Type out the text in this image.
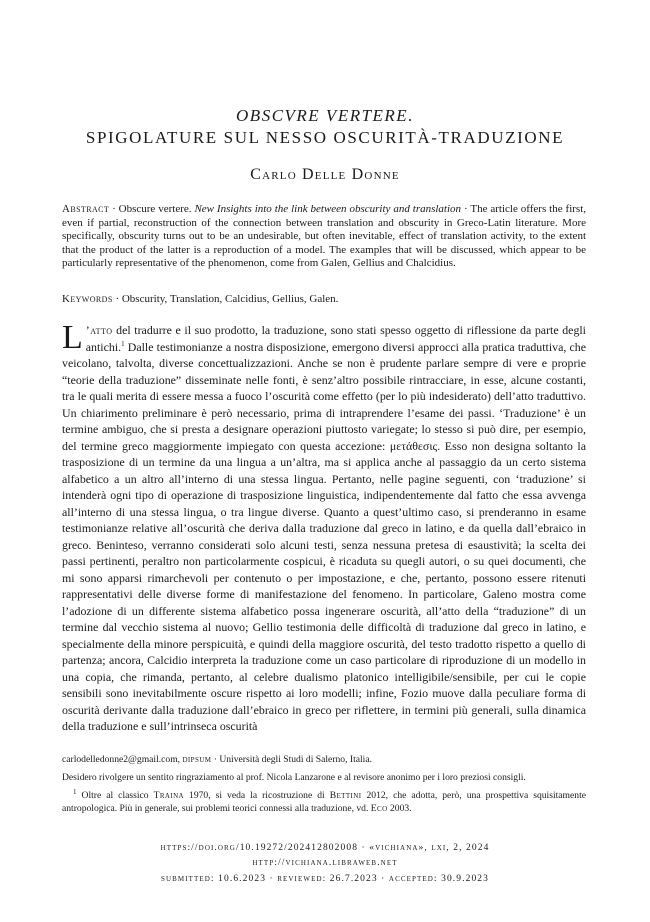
OBSCVRE VERTERE.
SPIGOLATURE SUL NESSO OSCURITÀ-TRADUZIONE
Carlo Delle Donne
Abstract · Obscure vertere. New Insights into the link between obscurity and translation · The article offers the first, even if partial, reconstruction of the connection between translation and obscurity in Greco-Latin literature. More specifically, obscurity turns out to be an undesirable, but often inevitable, effect of translation activity, to the extent that the product of the latter is a reproduction of a model. The examples that will be discussed, which appear to be particularly representative of the phenomenon, come from Galen, Gellius and Chalcidius.
Keywords · Obscurity, Translation, Calcidius, Gellius, Galen.
L ’atto del tradurre e il suo prodotto, la traduzione, sono stati spesso oggetto di riflessione da parte degli antichi.$^1$ Dalle testimonianze a nostra disposizione, emergono diversi approcci alla pratica traduttiva, che veicolano, talvolta, diverse concettualizzazioni. Anche se non è prudente parlare sempre di vere e proprie “teorie della traduzione” disseminate nelle fonti, è senz’altro possibile rintracciare, in esse, alcune costanti, tra le quali merita di essere messa a fuoco l’oscurità come effetto (per lo più indesiderato) dell’atto traduttivo. Un chiarimento preliminare è però necessario, prima di intraprendere l’esame dei passi. ‘Traduzione’ è un termine ambiguo, che si presta a designare operazioni piuttosto variegate; lo stesso si può dire, per esempio, del termine greco maggiormente impiegato con questa accezione: μετάθεσις. Esso non designa soltanto la trasposizione di un termine da una lingua a un’altra, ma si applica anche al passaggio da un certo sistema alfabetico a un altro all’interno di una stessa lingua. Pertanto, nelle pagine seguenti, con ‘traduzione’ si intenderà ogni tipo di operazione di trasposizione linguistica, indipendentemente dal fatto che essa avvenga all’interno di una stessa lingua, o tra lingue diverse. Quanto a quest’ultimo caso, si prenderanno in esame testimonianze relative all’oscurità che deriva dalla traduzione dal greco in latino, e da quella dall’ebraico in greco. Beninteso, verranno considerati solo alcuni testi, senza nessuna pretesa di esaustività; la scelta dei passi pertinenti, peraltro non particolarmente cospicui, è ricaduta su quegli autori, o su quei documenti, che mi sono apparsi rimarchevoli per contenuto o per impostazione, e che, pertanto, possono essere ritenuti rappresentativi delle diverse forme di manifestazione del fenomeno. In particolare, Galeno mostra come l’adozione di un differente sistema alfabetico possa ingenerare oscurità, all’atto della “traduzione” di un termine dal vecchio sistema al nuovo; Gellio testimonia delle difficoltà di traduzione dal greco in latino, e specialmente della minore perspicuità, e quindi della maggiore oscurità, del testo tradotto rispetto a quello di partenza; ancora, Calcidio interpreta la traduzione come un caso particolare di riproduzione di un modello in una copia, che rimanda, pertanto, al celebre dualismo platonico intelligibile/sensibile, per cui le copie sensibili sono inevitabilmente oscure rispetto ai loro modelli; infine, Fozio muove dalla peculiare forma di oscurità derivante dalla traduzione dall’ebraico in greco per riflettere, in termini più generali, sulla dinamica della traduzione e sull’intrinseca oscurità

carlodelledonne2@gmail.com, dipsum · Università degli Studi di Salerno, Italia.

Desidero rivolgere un sentito ringraziamento al prof. Nicola Lanzarone e al revisore anonimo per i loro preziosi consigli.

$^1$ Oltre al classico Traina 1970, si veda la ricostruzione di Bettini 2012, che adotta, però, una prospettiva squisitamente antropologica. Più in generale, sui problemi teorici connessi alla traduzione, vd. Eco 2003.

https://doi.org/10.19272/202412802008 · «vichiana», lxi, 2, 2024
http://vichiana.libraweb.net
submitted: 10.6.2023 · reviewed: 26.7.2023 · accepted: 30.9.2023
